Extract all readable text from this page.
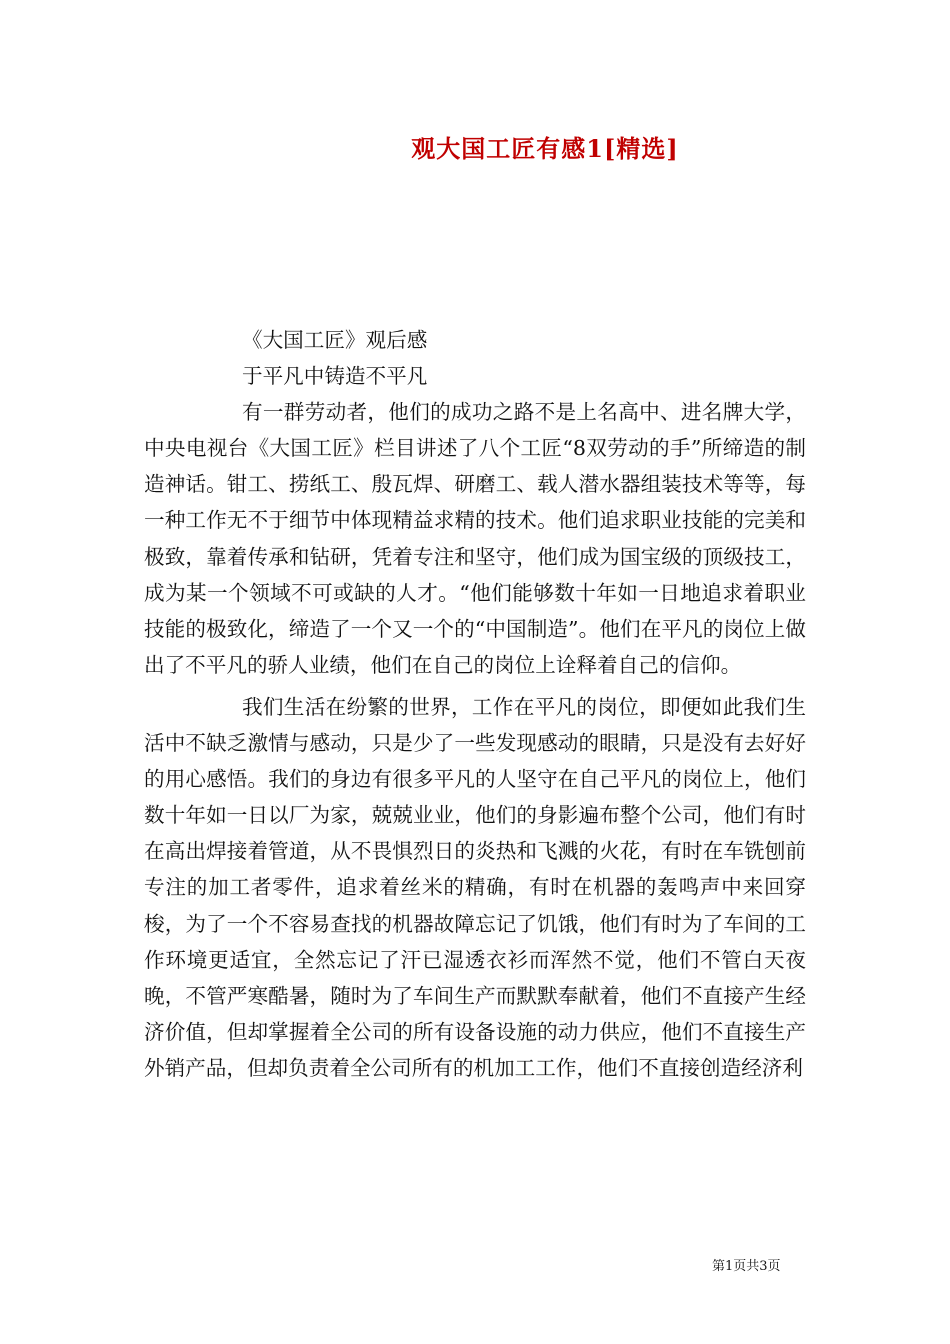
观大国工匠有感1[精选]

《大国工匠》观后感

于平凡中铸造不平凡

有一群劳动者，他们的成功之路不是上名高中、进名牌大学，中央电视台《大国工匠》栏目讲述了八个工匠“8双劳动的手”所缔造的制造神话。钳工、捞纸工、殷瓦焊、研磨工、载人潜水器组装技术等等，每一种工作无不于细节中体现精益求精的技术。他们追求职业技能的完美和极致，靠着传承和钻研，凭着专注和坚守，他们成为国宝级的顶级技工，成为某一个领域不可或缺的人才。“他们能够数十年如一日地追求着职业技能的极致化，缔造了一个又一个的“中国制造”。他们在平凡的岗位上做出了不平凡的骄人业绩，他们在自己的岗位上诠释着自己的信仰。

我们生活在纷繁的世界，工作在平凡的岗位，即便如此我们生活中不缺乏激情与感动，只是少了一些发现感动的眼睛，只是没有去好好的用心感悟。我们的身边有很多平凡的人坚守在自己平凡的岗位上，他们数十年如一日以厂为家，兢兢业业，他们的身影遍布整个公司，他们有时在高出焊接着管道，从不畏惧烈日的炎热和飞溅的火花，有时在车铣刨前专注的加工者零件，追求着丝米的精确，有时在机器的轰鸣声中来回穿梭，为了一个不容易查找的机器故障忘记了饥饿，他们有时为了车间的工作环境更适宜，全然忘记了汗已湿透衣衫而浑然不觉，他们不管白天夜晚，不管严寒酷暑，随时为了车间生产而默默奉献着，他们不直接产生经济价值，但却掌握着全公司的所有设备设施的动力供应，他们不直接生产外销产品，但却负责着全公司所有的机加工工作，他们不直接创造经济利

第1页共3页
